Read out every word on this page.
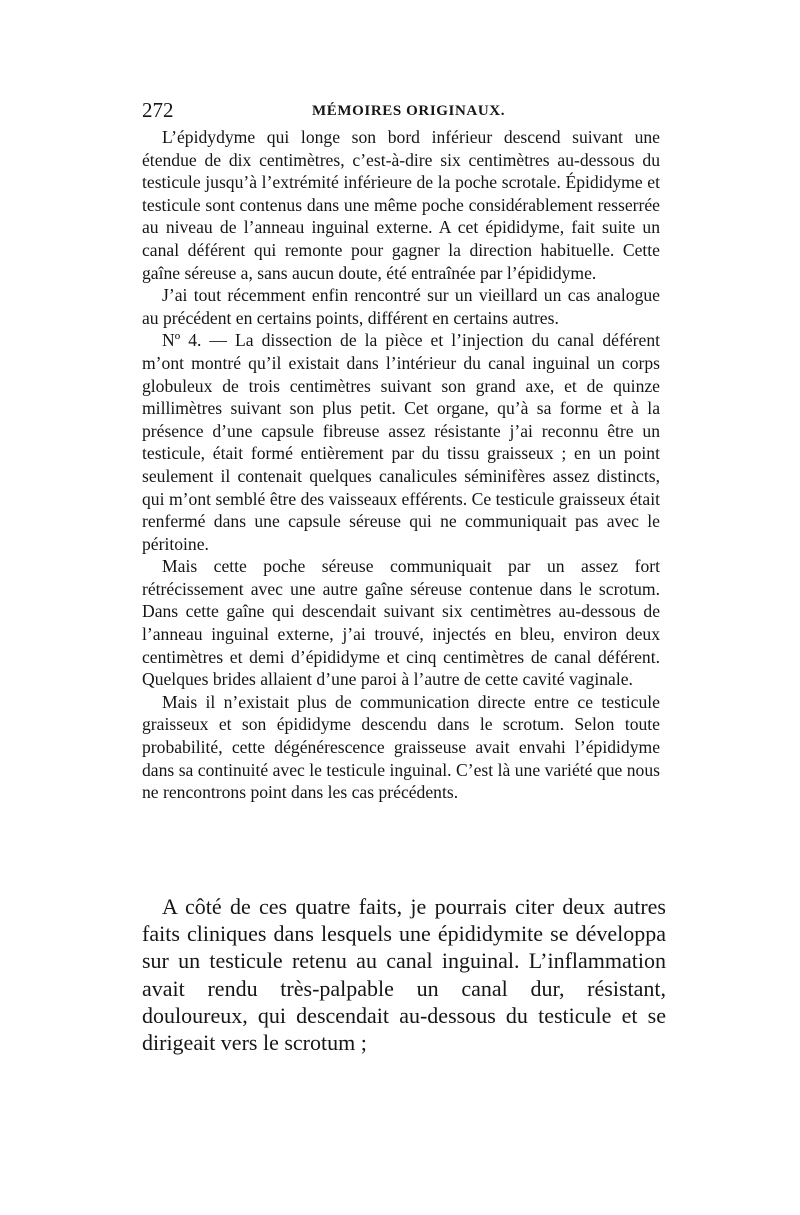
272	MÉMOIRES ORIGINAUX.

L’épidydyme qui longe son bord inférieur descend suivant une étendue de dix centimètres, c’est-à-dire six centimètres au-dessous du testicule jusqu’à l’extrémité inférieure de la poche scrotale. Épididyme et testicule sont contenus dans une même poche considérablement resserrée au niveau de l’anneau inguinal externe. A cet épididyme, fait suite un canal déférent qui remonte pour gagner la direction habituelle. Cette gaîne séreuse a, sans aucun doute, été entraînée par l’épididyme.

J’ai tout récemment enfin rencontré sur un vieillard un cas analogue au précédent en certains points, différent en certains autres.

Nº 4. — La dissection de la pièce et l’injection du canal déférent m’ont montré qu’il existait dans l’intérieur du canal inguinal un corps globuleux de trois centimètres suivant son grand axe, et de quinze millimètres suivant son plus petit. Cet organe, qu’à sa forme et à la présence d’une capsule fibreuse assez résistante j’ai reconnu être un testicule, était formé entièrement par du tissu graisseux ; en un point seulement il contenait quelques canalicules séminifères assez distincts, qui m’ont semblé être des vaisseaux efférents. Ce testicule graisseux était renfermé dans une capsule séreuse qui ne communiquait pas avec le péritoine.

Mais cette poche séreuse communiquait par un assez fort rétrécissement avec une autre gaîne séreuse contenue dans le scrotum. Dans cette gaîne qui descendait suivant six centimètres au-dessous de l’anneau inguinal externe, j’ai trouvé, injectés en bleu, environ deux centimètres et demi d’épididyme et cinq centimètres de canal déférent. Quelques brides allaient d’une paroi à l’autre de cette cavité vaginale.

Mais il n’existait plus de communication directe entre ce testicule graisseux et son épididyme descendu dans le scrotum. Selon toute probabilité, cette dégénérescence graisseuse avait envahi l’épididyme dans sa continuité avec le testicule inguinal. C’est là une variété que nous ne rencontrons point dans les cas précédents.

A côté de ces quatre faits, je pourrais citer deux autres faits cliniques dans lesquels une épididymite se développa sur un testicule retenu au canal inguinal. L’inflammation avait rendu très-palpable un canal dur, résistant, douloureux, qui descendait au-dessous du testicule et se dirigeait vers le scrotum ;
